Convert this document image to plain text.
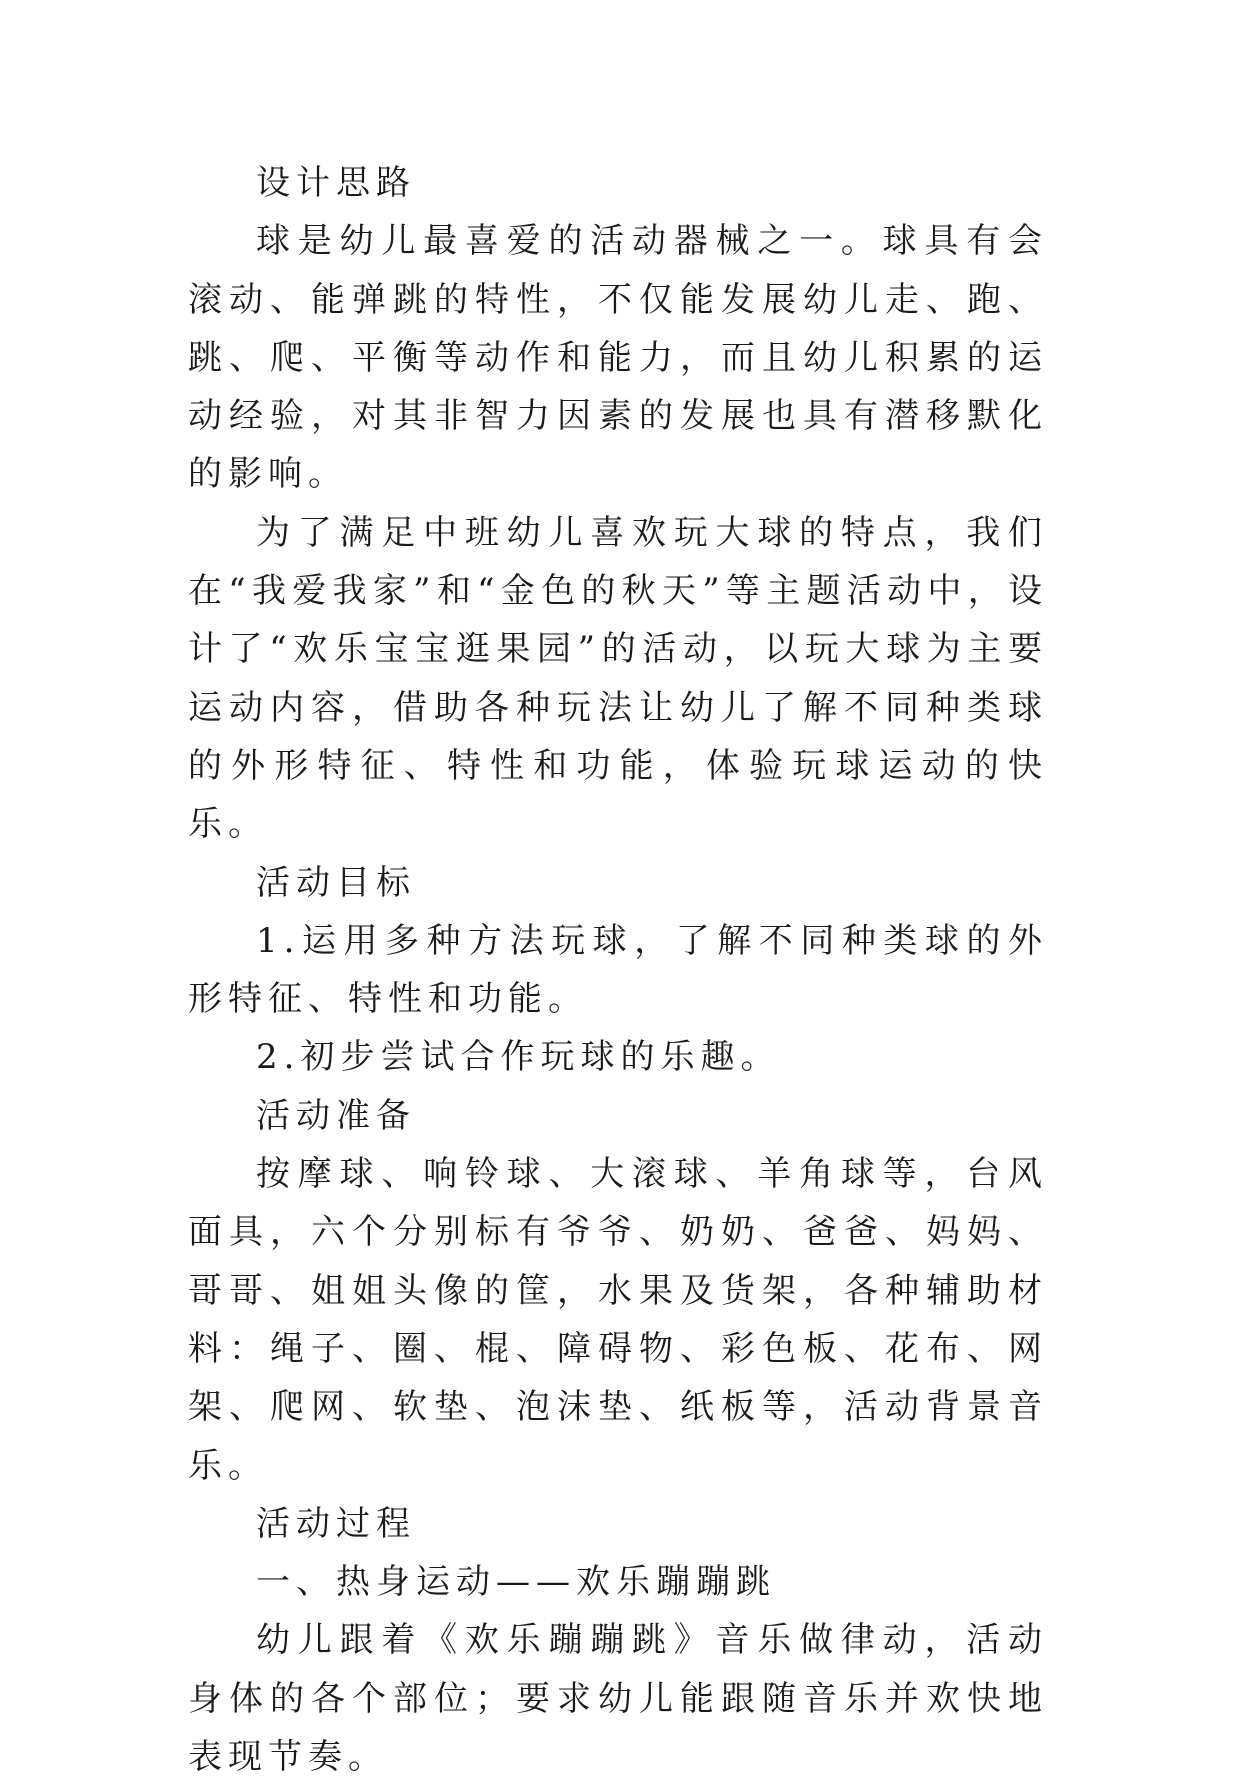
设计思路

球是幼儿最喜爱的活动器械之一。球具有会滚动、能弹跳的特性，不仅能发展幼儿走、跑、跳、爬、平衡等动作和能力，而且幼儿积累的运动经验，对其非智力因素的发展也具有潜移默化的影响。

为了满足中班幼儿喜欢玩大球的特点，我们在“我爱我家”和“金色的秋天”等主题活动中，设计了“欢乐宝宝逛果园”的活动，以玩大球为主要运动内容，借助各种玩法让幼儿了解不同种类球的外形特征、特性和功能，体验玩球运动的快乐。

活动目标

1.运用多种方法玩球，了解不同种类球的外形特征、特性和功能。

2.初步尝试合作玩球的乐趣。

活动准备

按摩球、响铃球、大滚球、羊角球等，台风面具，六个分别标有爷爷、奶奶、爸爸、妈妈、哥哥、姐姐头像的筐，水果及货架，各种辅助材料：绳子、圈、棍、障碍物、彩色板、花布、网架、爬网、软垫、泡沫垫、纸板等，活动背景音乐。

活动过程

一、热身运动——欢乐蹦蹦跳

幼儿跟着《欢乐蹦蹦跳》音乐做律动，活动身体的各个部位；要求幼儿能跟随音乐并欢快地表现节奏。
